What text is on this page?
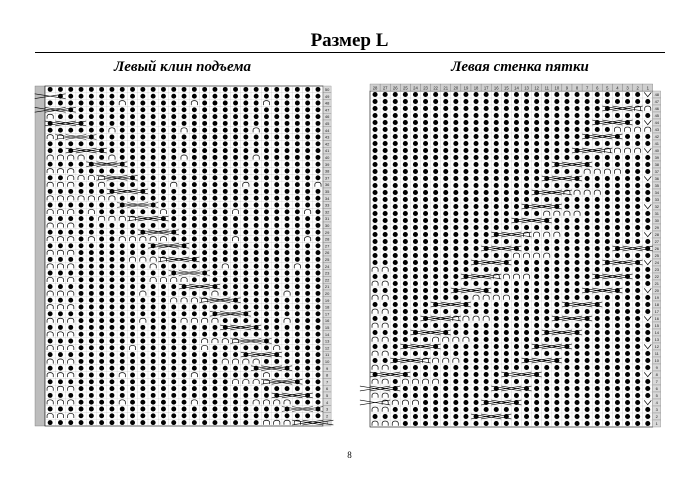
Размер L
Левый клин подъема	Левая стенка пятки
50
49
48
47
46
45
44
43
42
41
40
39
38
37
36
35
34
33
32
31
30
29
28
27
26
25
24
23
22
21
20
19
18
17
16
15
14
13
12
11
10
9
8
7
6
5
4
3
2
1
28 27 26 25 24 23 22 21 20 19 18 17 16 15 14 13 12 11 10 9 8 7 6 5 4 3 2 1
48
47
46
45
44
43
42
41
40
39
38
37
36
35
34
33
32
31
30
29
28
27
26
25
24
23
22
21
20
19
18
17
16
15
14
13
12
11
10
9
8
7
6
5
4
3
2
1
8
